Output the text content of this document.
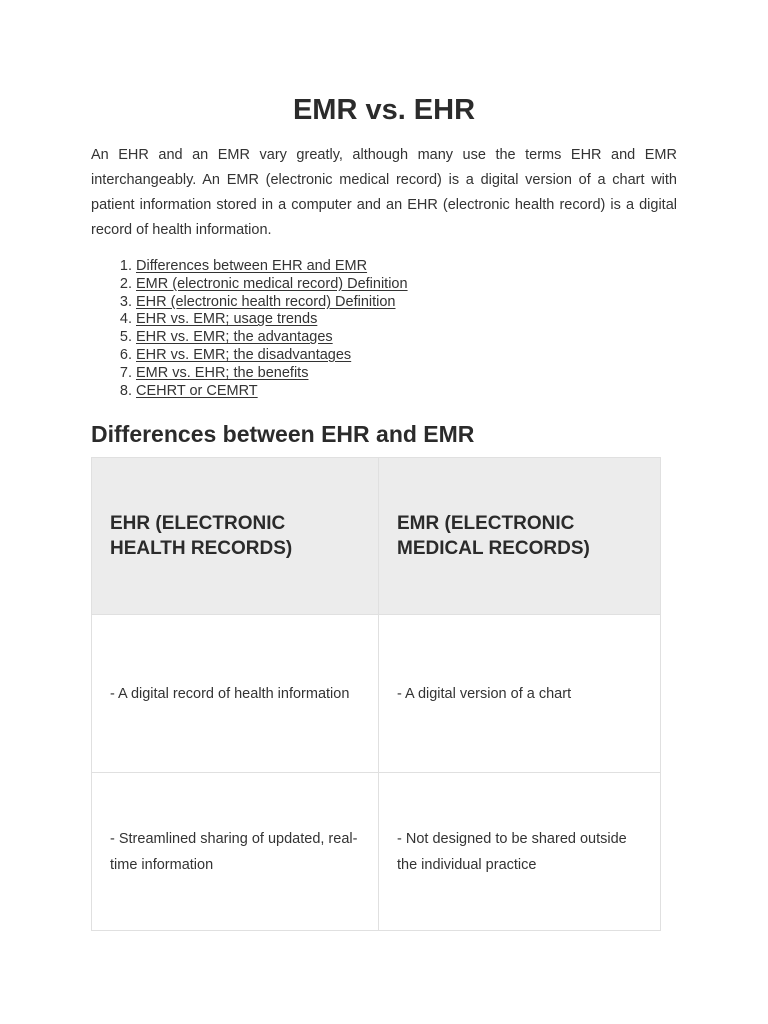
EMR vs. EHR

An EHR and an EMR vary greatly, although many use the terms EHR and EMR interchangeably. An EMR (electronic medical record) is a digital version of a chart with patient information stored in a computer and an EHR (electronic health record) is a digital record of health information.

1. Differences between EHR and EMR
2. EMR (electronic medical record) Definition
3. EHR (electronic health record) Definition
4. EHR vs. EMR; usage trends
5. EHR vs. EMR; the advantages
6. EHR vs. EMR; the disadvantages
7. EMR vs. EHR; the benefits
8. CEHRT or CEMRT
Differences between EHR and EMR
EHR (ELECTRONIC HEALTH RECORDS)	EMR (ELECTRONIC MEDICAL RECORDS)
- A digital record of health information	- A digital version of a chart
- Streamlined sharing of updated, real-time information	- Not designed to be shared outside the individual practice
